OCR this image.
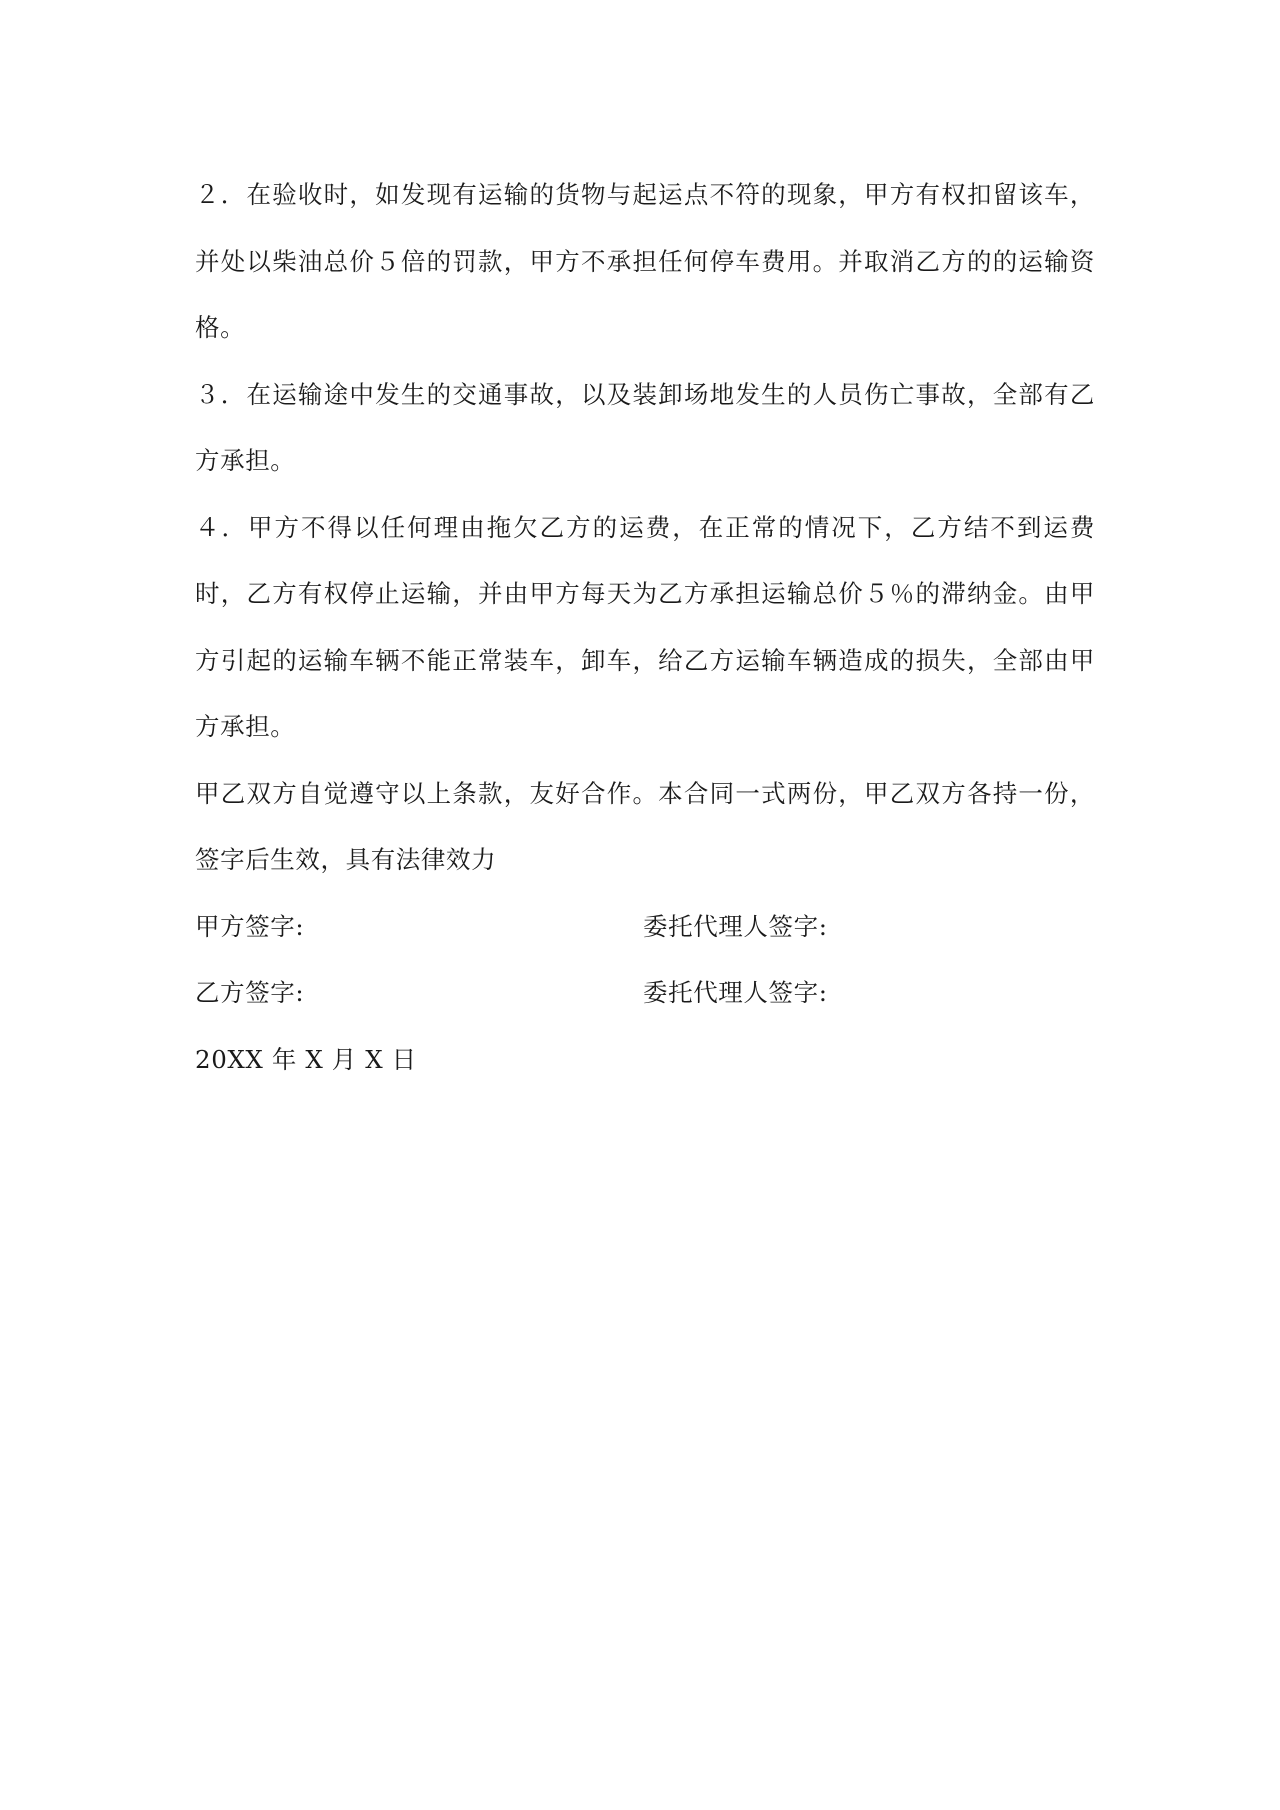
２．在验收时，如发现有运输的货物与起运点不符的现象，甲方有权扣留该车，并处以柴油总价５倍的罚款，甲方不承担任何停车费用。并取消乙方的的运输资格。

３．在运输途中发生的交通事故，以及装卸场地发生的人员伤亡事故，全部有乙方承担。

４．甲方不得以任何理由拖欠乙方的运费，在正常的情况下，乙方结不到运费时，乙方有权停止运输，并由甲方每天为乙方承担运输总价５％的滞纳金。由甲方引起的运输车辆不能正常装车，卸车，给乙方运输车辆造成的损失，全部由甲方承担。

甲乙双方自觉遵守以上条款，友好合作。本合同一式两份，甲乙双方各持一份，签字后生效，具有法律效力

甲方签字:	委托代理人签字:
乙方签字:	委托代理人签字:
20XX 年 X 月 X 日
